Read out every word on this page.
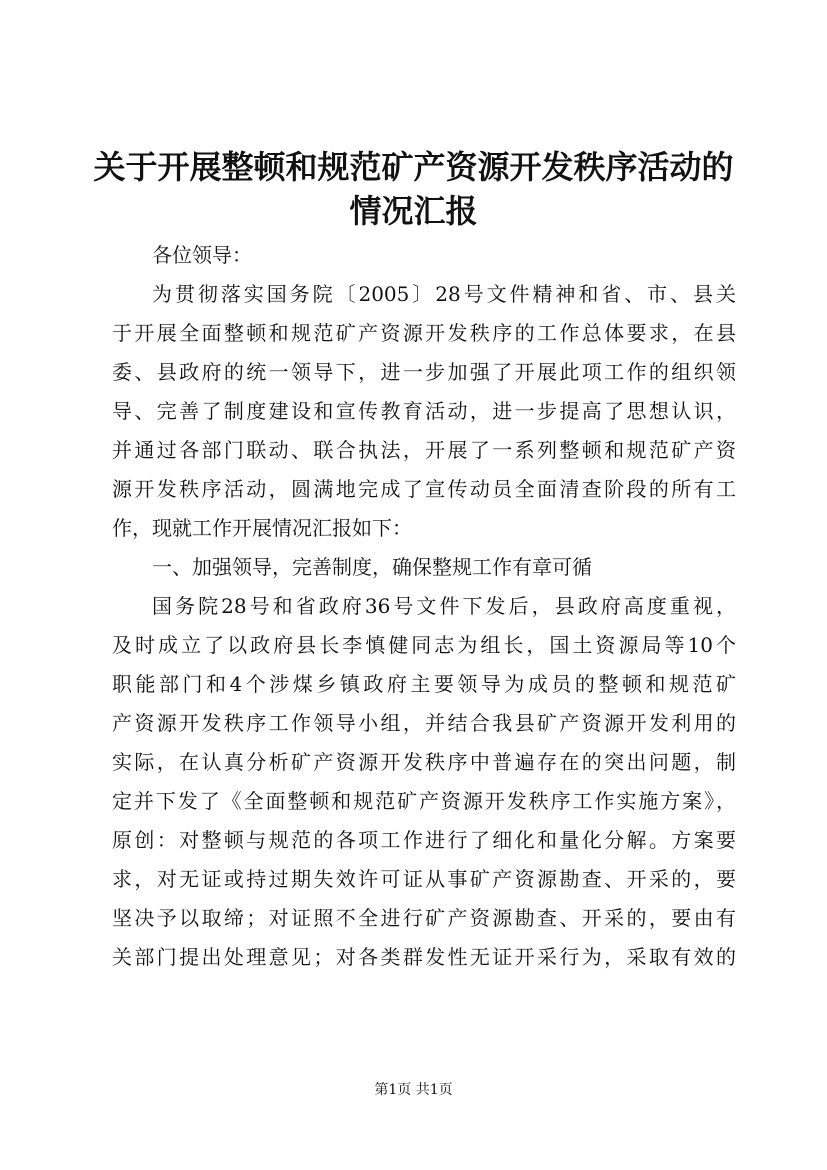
关于开展整顿和规范矿产资源开发秩序活动的
情况汇报
各位领导：
为贯彻落实国务院〔2005〕28号文件精神和省、市、县关
于开展全面整顿和规范矿产资源开发秩序的工作总体要求，在县
委、县政府的统一领导下，进一步加强了开展此项工作的组织领
导、完善了制度建设和宣传教育活动，进一步提高了思想认识，
并通过各部门联动、联合执法，开展了一系列整顿和规范矿产资
源开发秩序活动，圆满地完成了宣传动员全面清查阶段的所有工
作，现就工作开展情况汇报如下：
一、加强领导，完善制度，确保整规工作有章可循
国务院28号和省政府36号文件下发后，县政府高度重视，
及时成立了以政府县长李慎健同志为组长，国土资源局等10个
职能部门和4个涉煤乡镇政府主要领导为成员的整顿和规范矿
产资源开发秩序工作领导小组，并结合我县矿产资源开发利用的
实际，在认真分析矿产资源开发秩序中普遍存在的突出问题，制
定并下发了《全面整顿和规范矿产资源开发秩序工作实施方案》，
原创：对整顿与规范的各项工作进行了细化和量化分解。方案要
求，对无证或持过期失效许可证从事矿产资源勘查、开采的，要
坚决予以取缔；对证照不全进行矿产资源勘查、开采的，要由有
关部门提出处理意见；对各类群发性无证开采行为，采取有效的
第1页 共1页
